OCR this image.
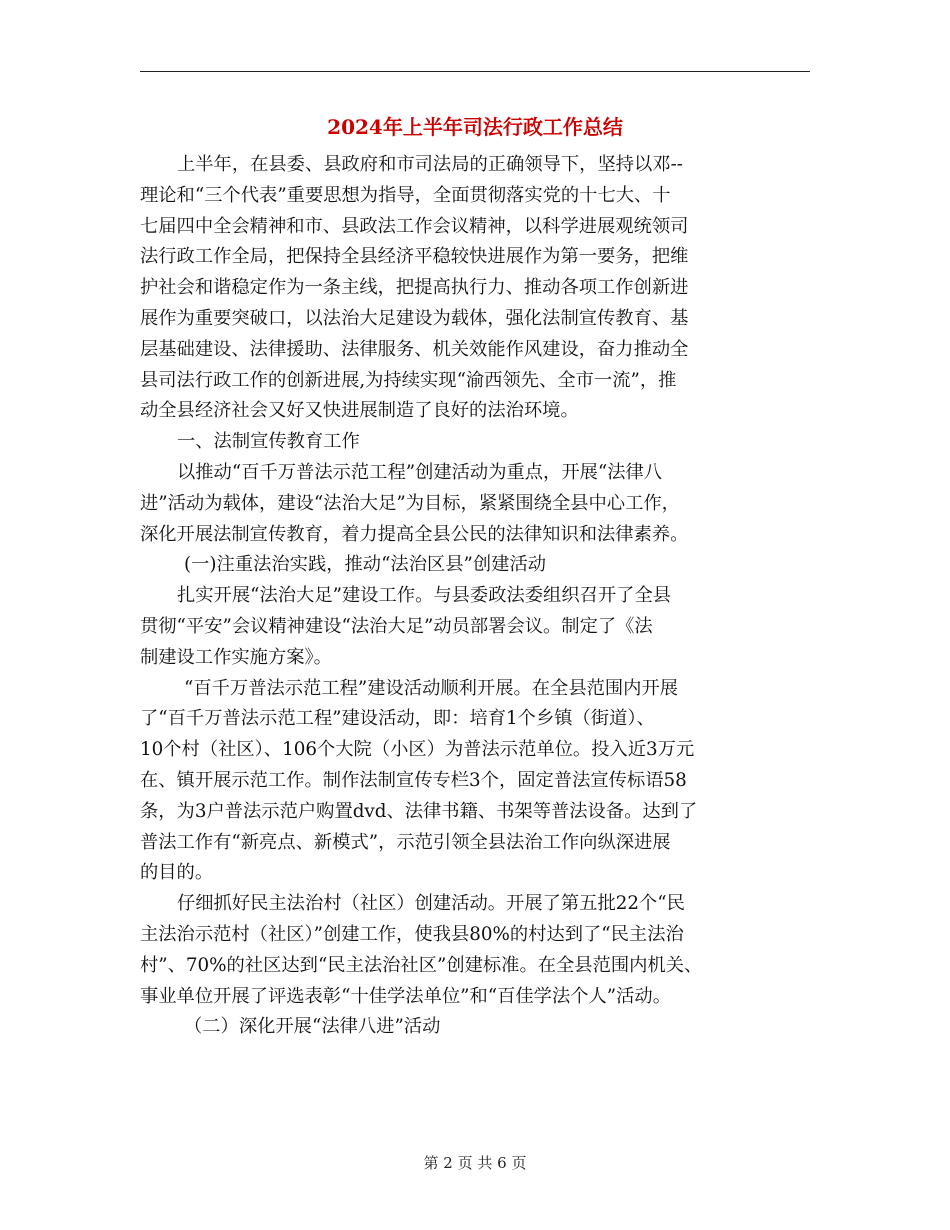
2024年上半年司法行政工作总结
上半年，在县委、县政府和市司法局的正确领导下，坚持以邓--
理论和“三个代表”重要思想为指导，全面贯彻落实党的十七大、十
七届四中全会精神和市、县政法工作会议精神，以科学进展观统领司
法行政工作全局，把保持全县经济平稳较快进展作为第一要务，把维
护社会和谐稳定作为一条主线，把提高执行力、推动各项工作创新进
展作为重要突破口，以法治大足建设为载体，强化法制宣传教育、基
层基础建设、法律援助、法律服务、机关效能作风建设，奋力推动全
县司法行政工作的创新进展,为持续实现“渝西领先、全市一流”，推
动全县经济社会又好又快进展制造了良好的法治环境。
一、法制宣传教育工作
以推动“百千万普法示范工程”创建活动为重点，开展“法律八
进”活动为载体，建设“法治大足”为目标，紧紧围绕全县中心工作，
深化开展法制宣传教育，着力提高全县公民的法律知识和法律素养。
(一)注重法治实践，推动“法治区县”创建活动
扎实开展“法治大足”建设工作。与县委政法委组织召开了全县
贯彻“平安”会议精神建设“法治大足”动员部署会议。制定了《法
制建设工作实施方案》。
“百千万普法示范工程”建设活动顺利开展。在全县范围内开展
了“百千万普法示范工程”建设活动，即：培育1个乡镇（街道）、
10个村（社区）、106个大院（小区）为普法示范单位。投入近3万元
在、镇开展示范工作。制作法制宣传专栏3个，固定普法宣传标语58
条，为3户普法示范户购置dvd、法律书籍、书架等普法设备。达到了
普法工作有“新亮点、新模式”，示范引领全县法治工作向纵深进展
的目的。
仔细抓好民主法治村（社区）创建活动。开展了第五批22个“民
主法治示范村（社区）”创建工作，使我县80%的村达到了“民主法治
村”、70%的社区达到“民主法治社区”创建标准。在全县范围内机关、
事业单位开展了评选表彰“十佳学法单位”和“百佳学法个人”活动。
（二）深化开展“法律八进”活动
第 2 页 共 6 页
